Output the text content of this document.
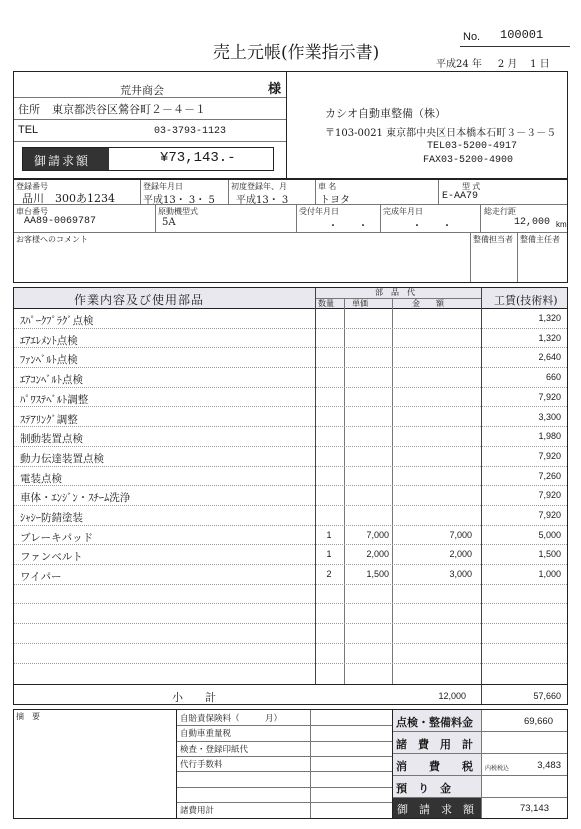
売上元帳(作業指示書)
No. 100001
平成24 年 2 月 1 日
荒井商会	様
住所 東京都渋谷区鶯谷町２－４－１
TEL	03-3793-1123
御請求額	¥73,143.-
カシオ自動車整備（株）
〒103-0021 東京都中央区日本橋本石町３－３－５
TEL03-5200-4917
FAX03-5200-4900
登録番号
品川　300あ1234
登録年月日
平成13・ 3・ 5
初度登録年、月
平成13・ 3
車 名
トヨタ
型 式
E-AA79
車台番号
AA89-0069787
原動機型式
5A
受付年月日
・　　・
完成年月日
・　　・
総走行距
12,000 km
お客様へのコメント	整備担当者 整備主任者
作業内容及び使用部品
部　品　代
数量 単価	金　　額	工賃(技術料)
ｽﾊﾟｰｸﾌﾟﾗｸﾞ点検	1,320
ｴｱｴﾚﾒﾝﾄ点検	1,320
ﾌｧﾝﾍﾞﾙﾄ点検	2,640
ｴｱｺﾝﾍﾞﾙﾄ点検	660
ﾊﾟﾜｽﾃﾍﾞﾙﾄ調整	7,920
ｽﾃｱﾘﾝｸﾞ調整	3,300
制動装置点検	1,980
動力伝達装置点検	7,920
電装点検	7,260
車体・ｴﾝｼﾞﾝ・ｽﾁｰﾑ洗浄	7,920
ｼｬｼｰ防錆塗装	7,920
ブレーキパッド	1	7,000	7,000	5,000
ファンベルト	1	2,000	2,000	1,500
ワイパー	2	1,500	3,000	1,000
小　　計	12,000	57,660
摘　要	自賠責保険料（　　　月）
自動車重量税
検査・登録印紙代
代行手数料
諸費用計
点検・整備料金	69,660
諸　費　用　計
消　　費　　税 内税税込	3,483
預　り　金
御　請　求　額	73,143
